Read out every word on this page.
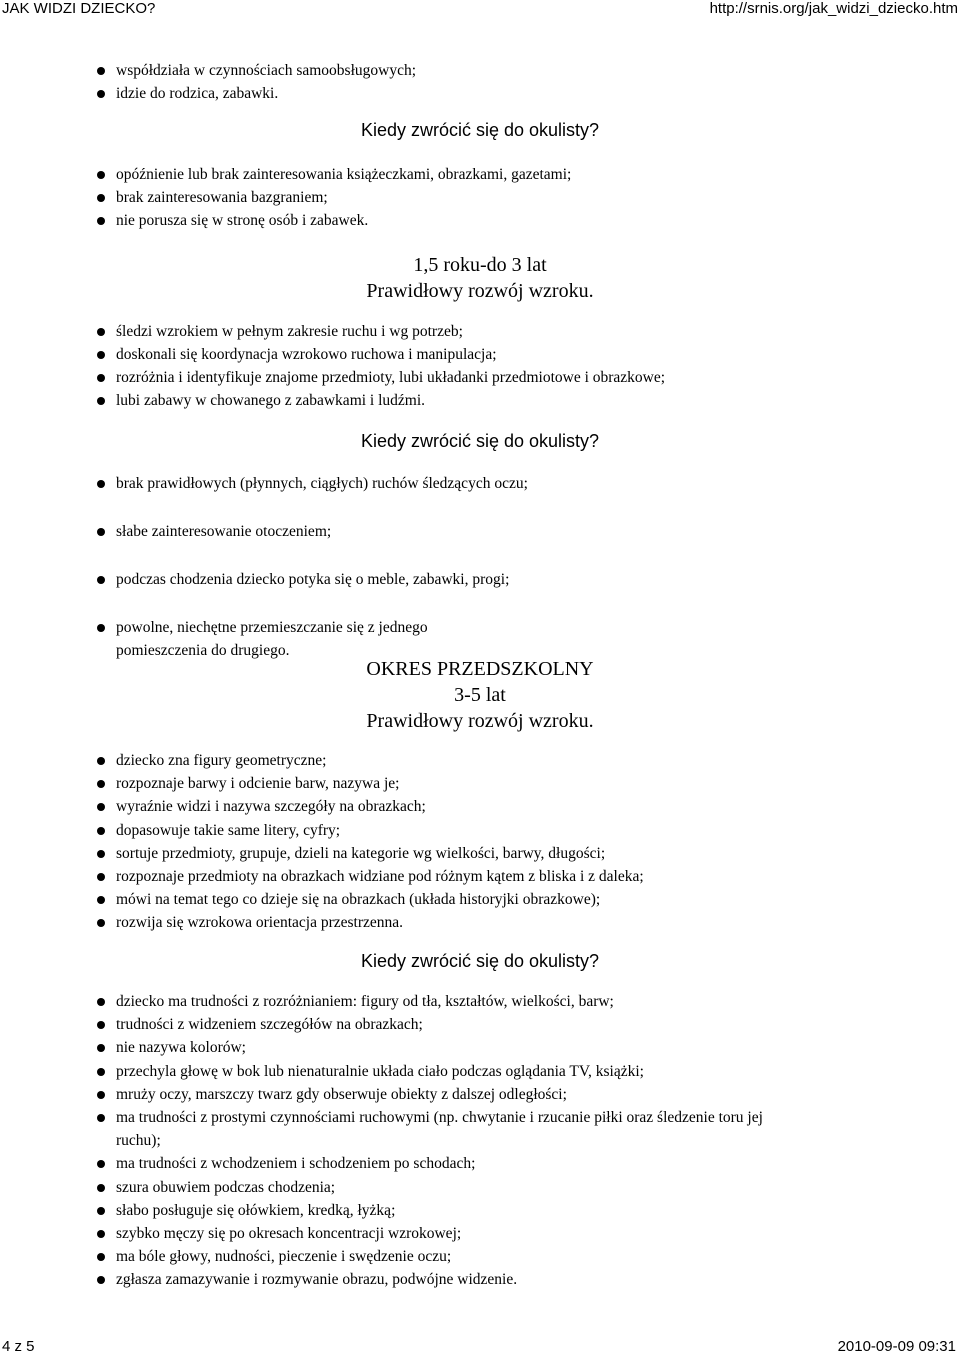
JAK WIDZI DZIECKO?	http://srnis.org/jak_widzi_dziecko.htm
współdziała w czynnościach samoobsługowych;
idzie do rodzica, zabawki.
Kiedy zwrócić się do okulisty?
opóźnienie lub brak zainteresowania książeczkami, obrazkami, gazetami;
brak zainteresowania bazgraniem;
nie porusza się w stronę osób i zabawek.
1,5 roku-do 3 lat
Prawidłowy rozwój wzroku.
śledzi wzrokiem w pełnym zakresie ruchu i wg potrzeb;
doskonali się koordynacja wzrokowo ruchowa i manipulacja;
rozróżnia i identyfikuje znajome przedmioty, lubi układanki przedmiotowe i obrazkowe;
lubi zabawy w chowanego z zabawkami i ludźmi.
Kiedy zwrócić się do okulisty?
brak prawidłowych (płynnych, ciągłych) ruchów śledzących oczu;
słabe zainteresowanie otoczeniem;
podczas chodzenia dziecko potyka się o meble, zabawki, progi;
powolne, niechętne przemieszczanie się z jednego
pomieszczenia do drugiego.
OKRES PRZEDSZKOLNY
3-5 lat
Prawidłowy rozwój wzroku.
dziecko zna figury geometryczne;
rozpoznaje barwy i odcienie barw, nazywa je;
wyraźnie widzi i nazywa szczegóły na obrazkach;
dopasowuje takie same litery, cyfry;
sortuje przedmioty, grupuje, dzieli na kategorie wg wielkości, barwy, długości;
rozpoznaje przedmioty na obrazkach widziane pod różnym kątem z bliska i z daleka;
mówi na temat tego co dzieje się na obrazkach (układa historyjki obrazkowe);
rozwija się wzrokowa orientacja przestrzenna.
Kiedy zwrócić się do okulisty?
dziecko ma trudności z rozróżnianiem: figury od tła, kształtów, wielkości, barw;
trudności z widzeniem szczegółów na obrazkach;
nie nazywa kolorów;
przechyla głowę w bok lub nienaturalnie układa ciało podczas oglądania TV, książki;
mruży oczy, marszczy twarz gdy obserwuje obiekty z dalszej odległości;
ma trudności z prostymi czynnościami ruchowymi (np. chwytanie i rzucanie piłki oraz śledzenie toru jej
ruchu);
ma trudności z wchodzeniem i schodzeniem po schodach;
szura obuwiem podczas chodzenia;
słabo posługuje się ołówkiem, kredką, łyżką;
szybko męczy się po okresach koncentracji wzrokowej;
ma bóle głowy, nudności, pieczenie i swędzenie oczu;
zgłasza zamazywanie i rozmywanie obrazu, podwójne widzenie.
4 z 5	2010-09-09 09:31
